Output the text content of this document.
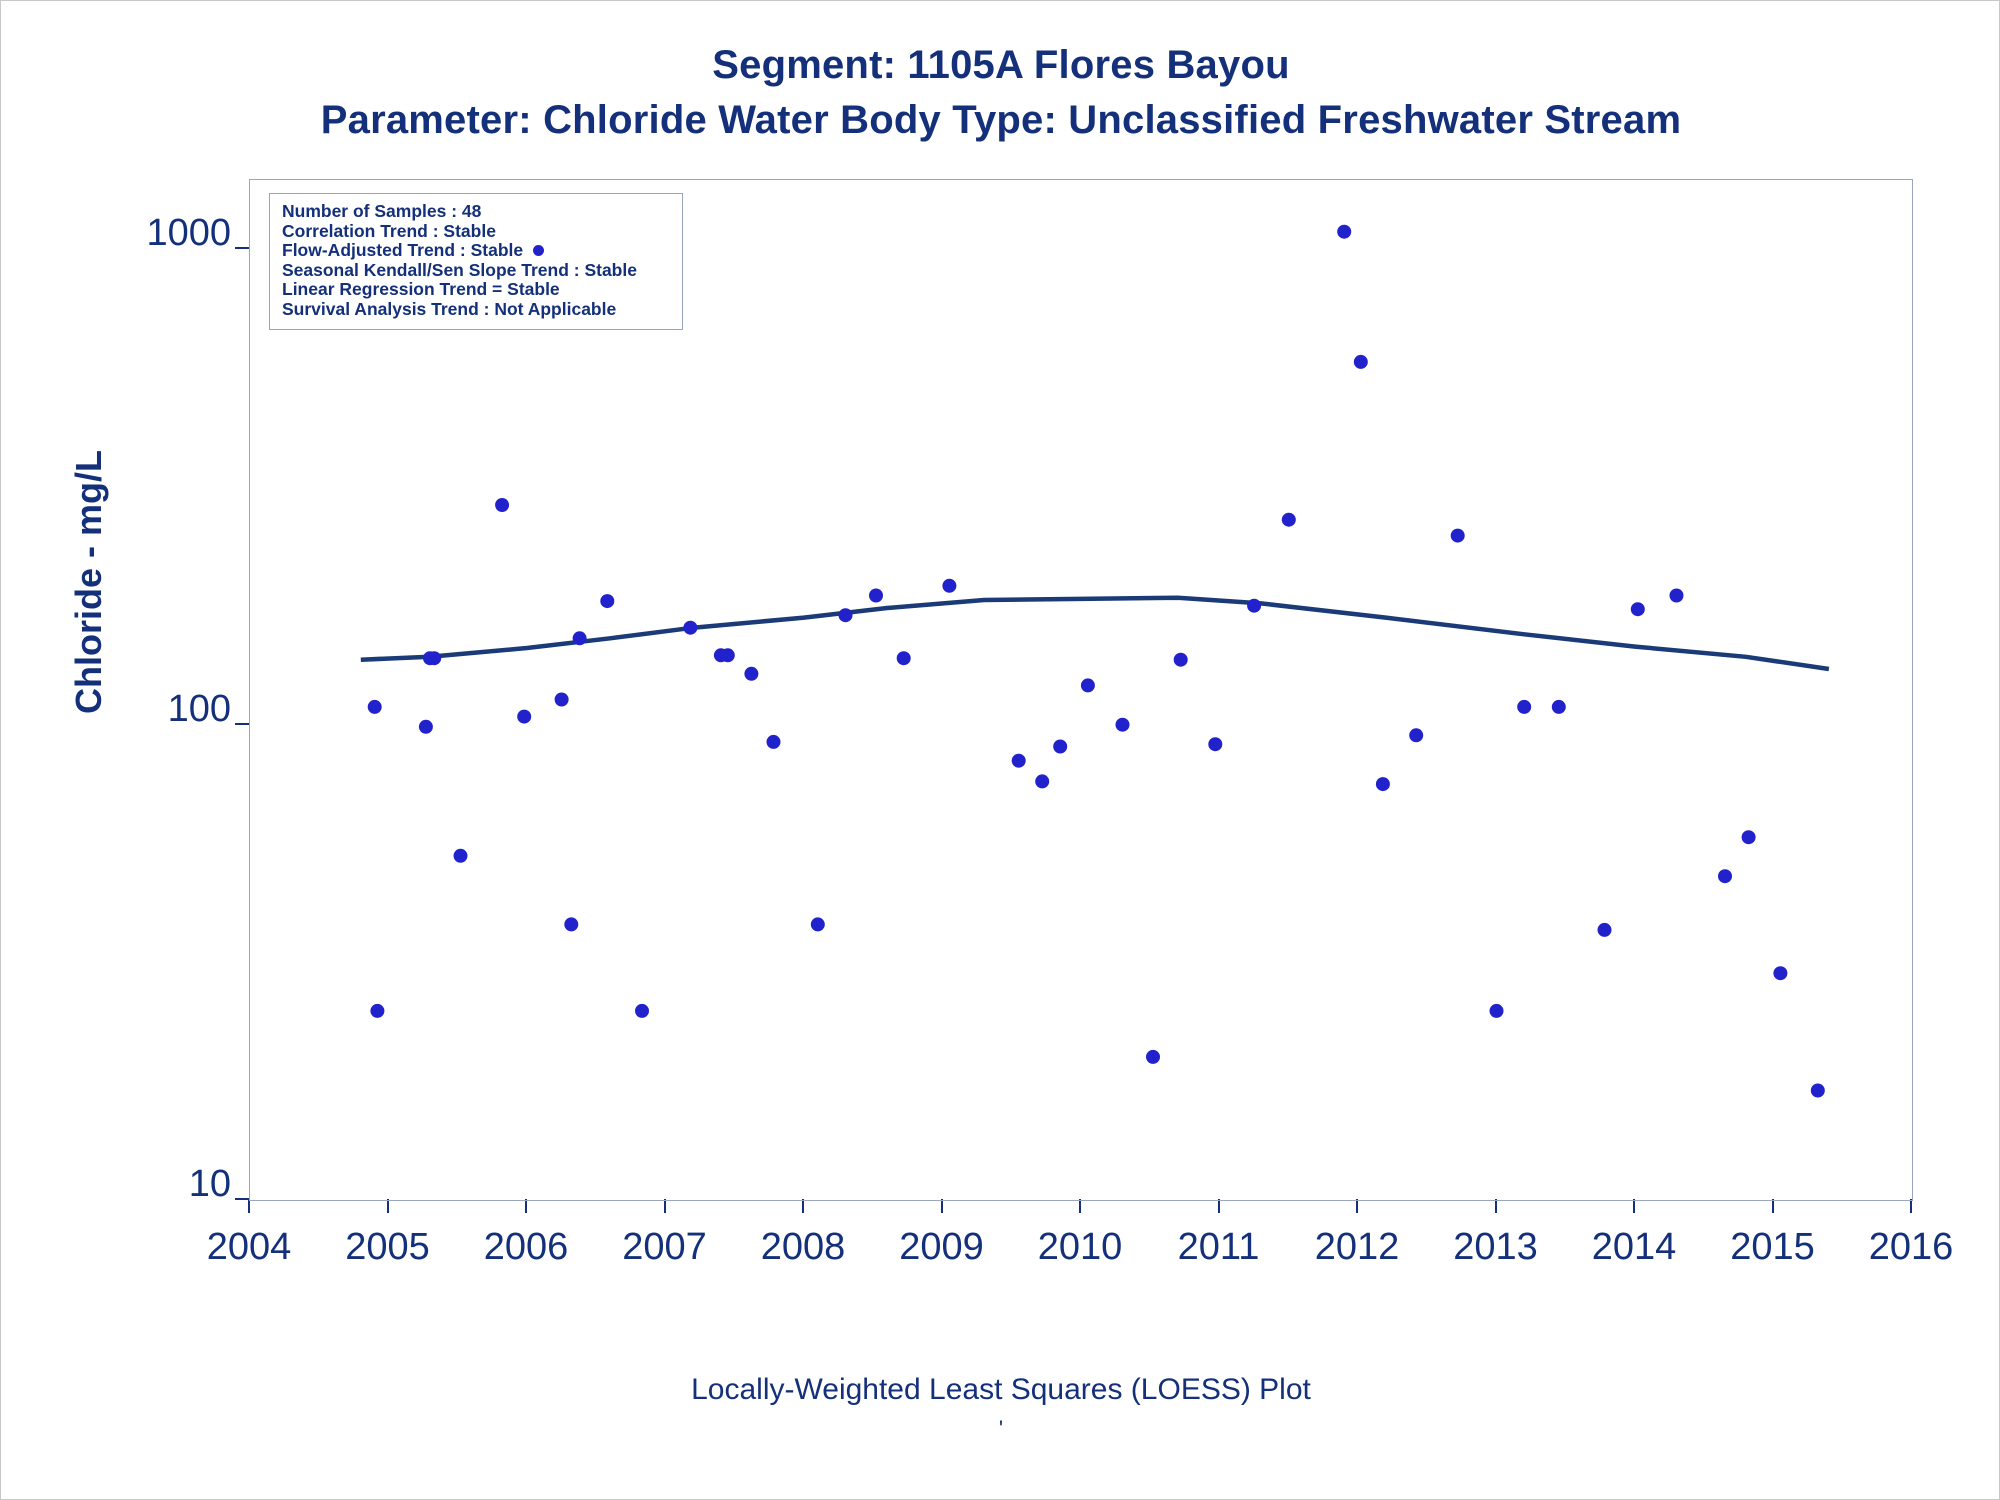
Segment: 1105A Flores Bayou
Parameter: Chloride Water Body Type: Unclassified Freshwater Stream
Chloride - mg/L
1000
100
10
2004	2005	2006	2007	2008	2009	2010	2011	2012	2013	2014	2015	2016
Number of Samples : 48
Correlation Trend : Stable
Flow-Adjusted Trend : Stable
Seasonal Kendall/Sen Slope Trend : Stable
Linear Regression Trend = Stable
Survival Analysis Trend : Not Applicable
Locally-Weighted Least Squares (LOESS) Plot
'
